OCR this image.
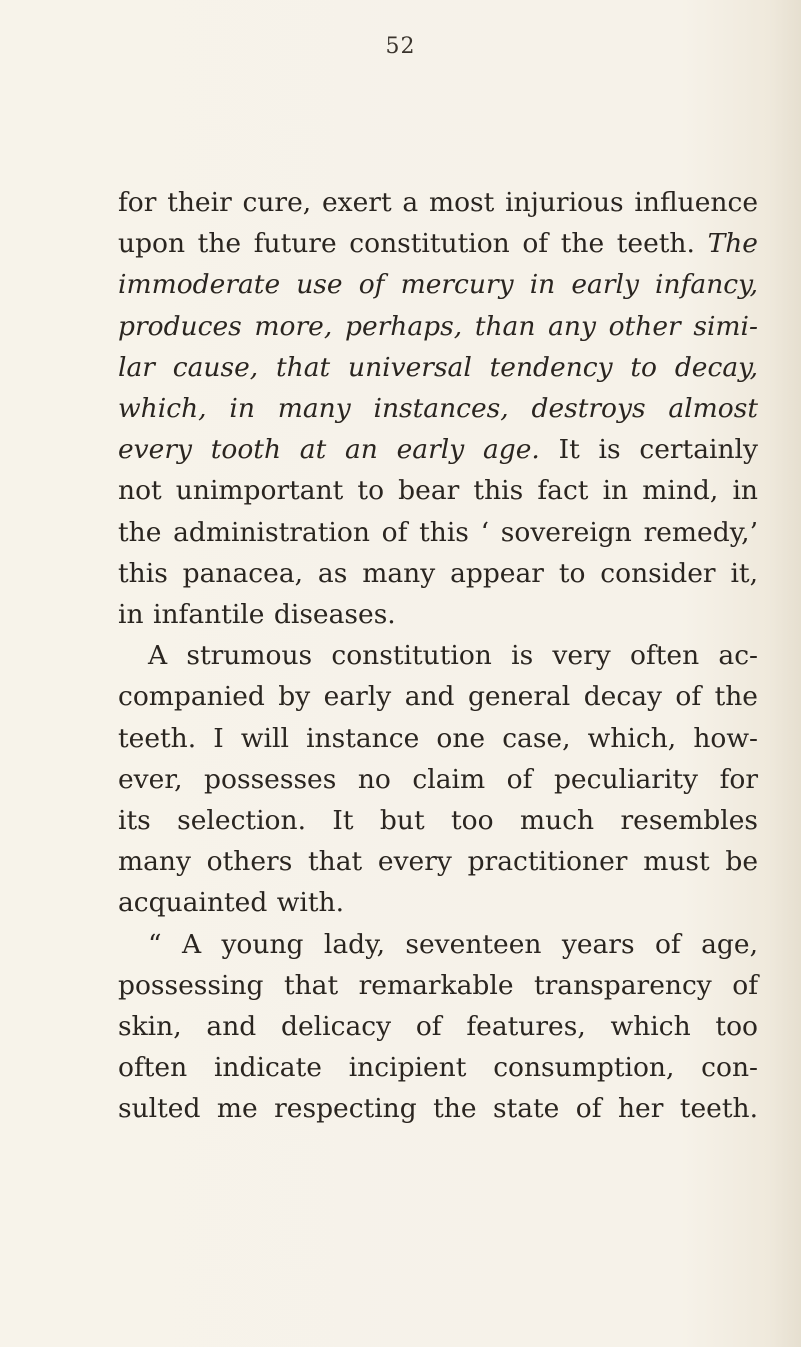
52
for their cure, exert a most injurious influence
upon the future constitution of the teeth. The
immoderate use of mercury in early infancy,
produces more, perhaps, than any other simi-
lar cause, that universal tendency to decay,
which, in many instances, destroys almost
every tooth at an early age. It is certainly
not unimportant to bear this fact in mind, in
the administration of this ‘ sovereign remedy,’
this panacea, as many appear to consider it,
in infantile diseases.
A strumous constitution is very often ac-
companied by early and general decay of the
teeth. I will instance one case, which, how-
ever, possesses no claim of peculiarity for
its selection. It but too much resembles
many others that every practitioner must be
acquainted with.
“ A young lady, seventeen years of age,
possessing that remarkable transparency of
skin, and delicacy of features, which too
often indicate incipient consumption, con-
sulted me respecting the state of her teeth.
